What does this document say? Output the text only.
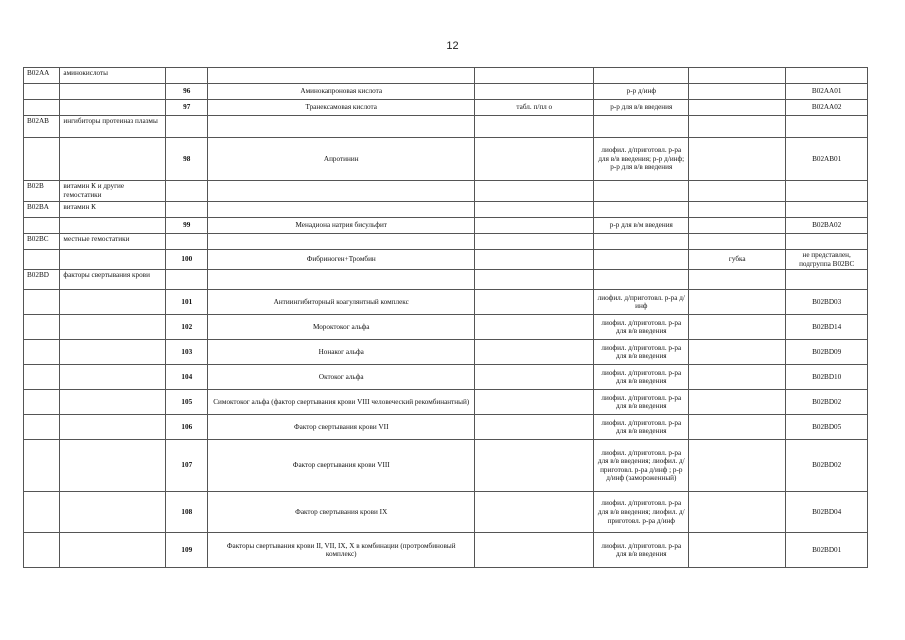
12
B02AA	аминокислоты						
		96	Аминокапроновая кислота		р-р д/инф		B02AA01
		97	Транексамовая кислота	табл. п/пл о	р-р для в/в введения		B02AA02
B02AB	ингибиторы протеиназ плазмы						
		98	Апротинин		лиофил. д/приготовл. р-ра для в/в введения; р-р д/инф; р-р для в/в введения		B02AB01
B02B	витамин К и другие гемостатики						
B02BA	витамин К						
		99	Менадиона натрия бисульфит		р-р для в/м введения		B02BA02
B02BC	местные гемостатики						
		100	Фибриноген+Тромбин			губка	не представлен, подгруппа B02BC
B02BD	факторы свертывания крови						
		101	Антиингибиторный коагулянтный комплекс		лиофил. д/приготовл. р-ра д/инф		B02BD03
		102	Мороктоког альфа		лиофил. д/приготовл. р-ра для в/в введения		B02BD14
		103	Нонаког альфа		лиофил. д/приготовл. р-ра для в/в введения		B02BD09
		104	Октоког альфа		лиофил. д/приготовл. р-ра для в/в введения		B02BD10
		105	Симоктоког альфа (фактор свертывания крови VIII человеческий рекомбинантный)		лиофил. д/приготовл. р-ра для в/в введения		B02BD02
		106	Фактор свертывания крови VII		лиофил. д/приготовл. р-ра для в/в введения		B02BD05
		107	Фактор свертывания крови VIII		лиофил. д/приготовл. р-ра для в/в введения; лиофил. д/приготовл. р-ра д/инф ; р-р д/инф (замороженный)		B02BD02
		108	Фактор свертывания крови IX		лиофил. д/приготовл. р-ра для в/в введения; лиофил. д/приготовл. р-ра д/инф		B02BD04
		109	Факторы свертывания крови II, VII, IX, X в комбинации (протромбиновый комплекс)		лиофил. д/приготовл. р-ра для в/в введения		B02BD01
